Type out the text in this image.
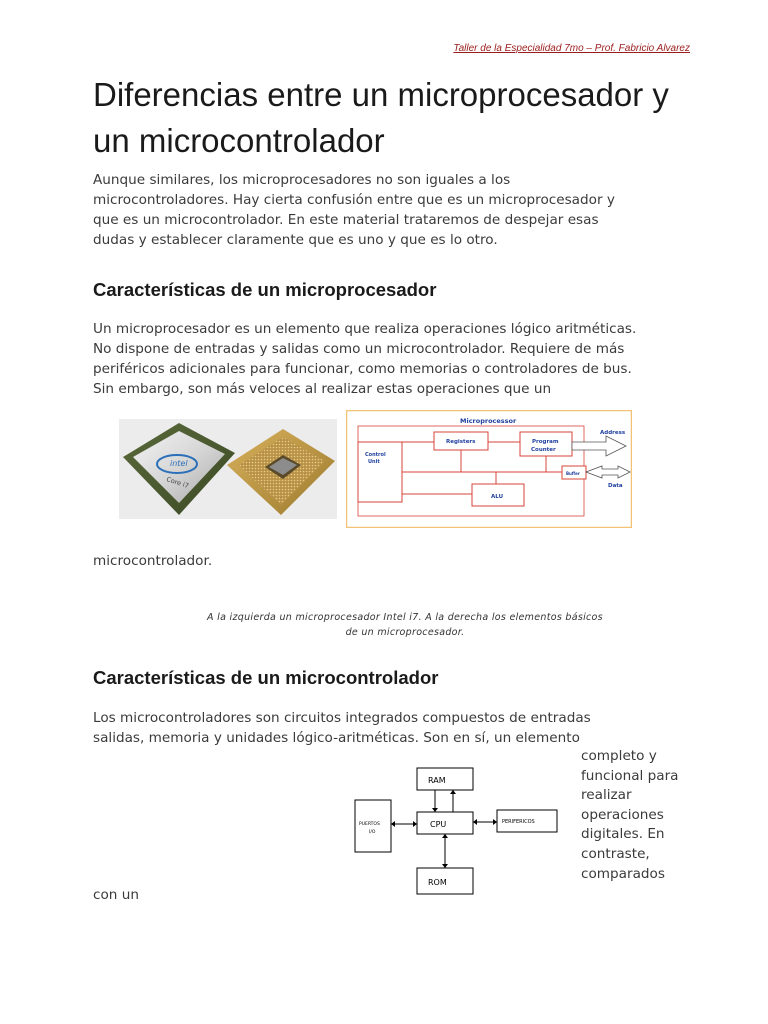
Taller de la Especialidad 7mo – Prof. Fabricio Alvarez
Diferencias entre un microprocesador y un microcontrolador
Aunque similares, los microprocesadores no son iguales a los
microcontroladores. Hay cierta confusión entre que es un microprocesador y
que es un microcontrolador. En este material trataremos de despejar esas
dudas y establecer claramente que es uno y que es lo otro.
Características de un microprocesador
Un microprocesador es un elemento que realiza operaciones lógico aritméticas.
No dispone de entradas y salidas como un microcontrolador. Requiere de más
periféricos adicionales para funcionar, como memorias o controladores de bus.
Sin embargo, son más veloces al realizar estas operaciones que un
intel
Core i7
Microprocessor
Control
Unit
Registers	Program
Counter
Buffer
ALU
Address
Data
microcontrolador.
A la izquierda un microprocesador Intel i7. A la derecha los elementos básicos
de un microprocesador.
Características de un microcontrolador
Los microcontroladores son circuitos integrados compuestos de entradas
salidas, memoria y unidades lógico-aritméticas. Son en sí, un elemento
RAM
CPU
ROM
PERIFERICOS
PUERTOS
I/O
completo y
funcional para
realizar
operaciones
digitales. En
contraste,
comparados
con un
